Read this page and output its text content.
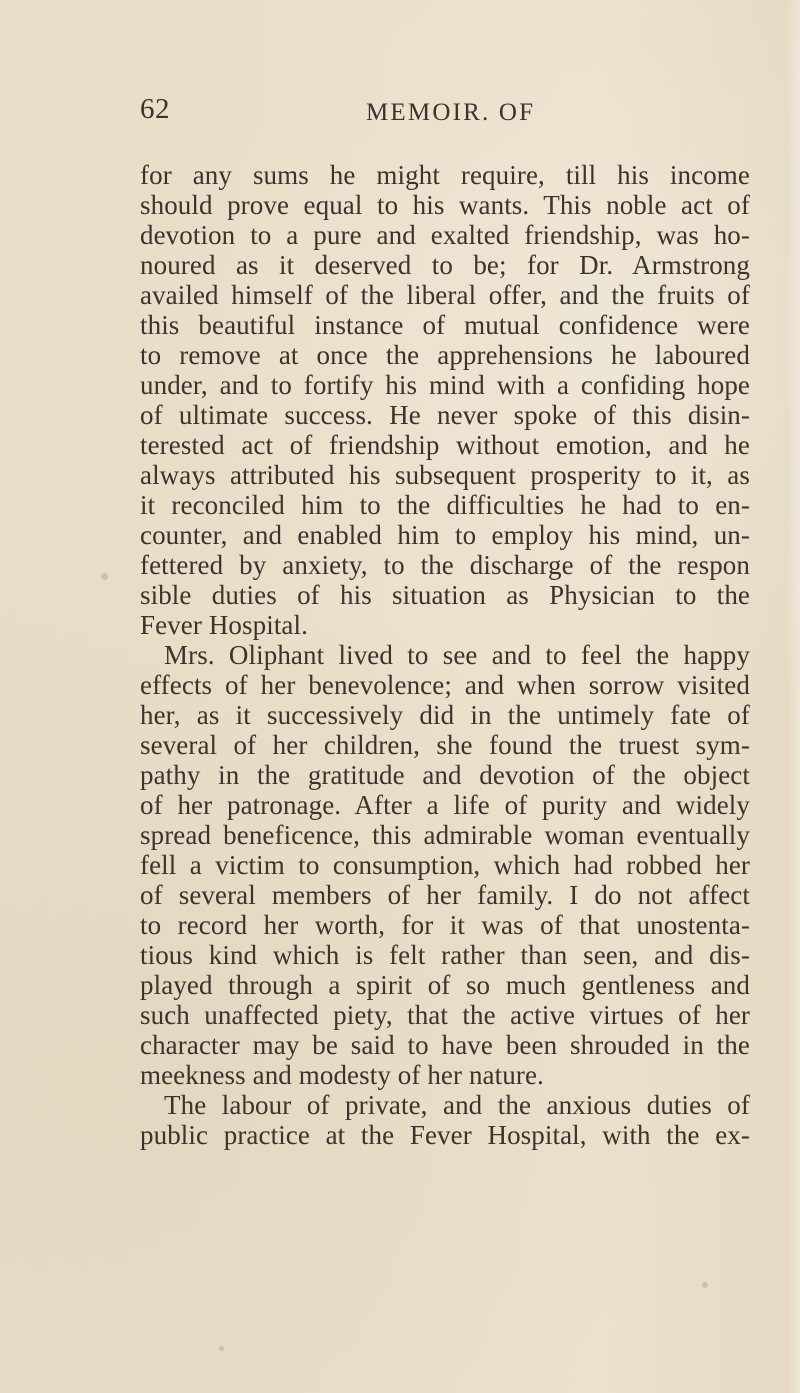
62	MEMOIR. OF
for any sums he might require, till his income
should prove equal to his wants. This noble act of
devotion to a pure and exalted friendship, was ho-
noured as it deserved to be; for Dr. Armstrong
availed himself of the liberal offer, and the fruits of
this beautiful instance of mutual confidence were
to remove at once the apprehensions he laboured
under, and to fortify his mind with a confiding hope
of ultimate success. He never spoke of this disin-
terested act of friendship without emotion, and he
always attributed his subsequent prosperity to it, as
it reconciled him to the difficulties he had to en-
counter, and enabled him to employ his mind, un-
fettered by anxiety, to the discharge of the respon
sible duties of his situation as Physician to the
Fever Hospital.
Mrs. Oliphant lived to see and to feel the happy
effects of her benevolence; and when sorrow visited
her, as it successively did in the untimely fate of
several of her children, she found the truest sym-
pathy in the gratitude and devotion of the object
of her patronage. After a life of purity and widely
spread beneficence, this admirable woman eventually
fell a victim to consumption, which had robbed her
of several members of her family. I do not affect
to record her worth, for it was of that unostenta-
tious kind which is felt rather than seen, and dis-
played through a spirit of so much gentleness and
such unaffected piety, that the active virtues of her
character may be said to have been shrouded in the
meekness and modesty of her nature.
The labour of private, and the anxious duties of
public practice at the Fever Hospital, with the ex-
